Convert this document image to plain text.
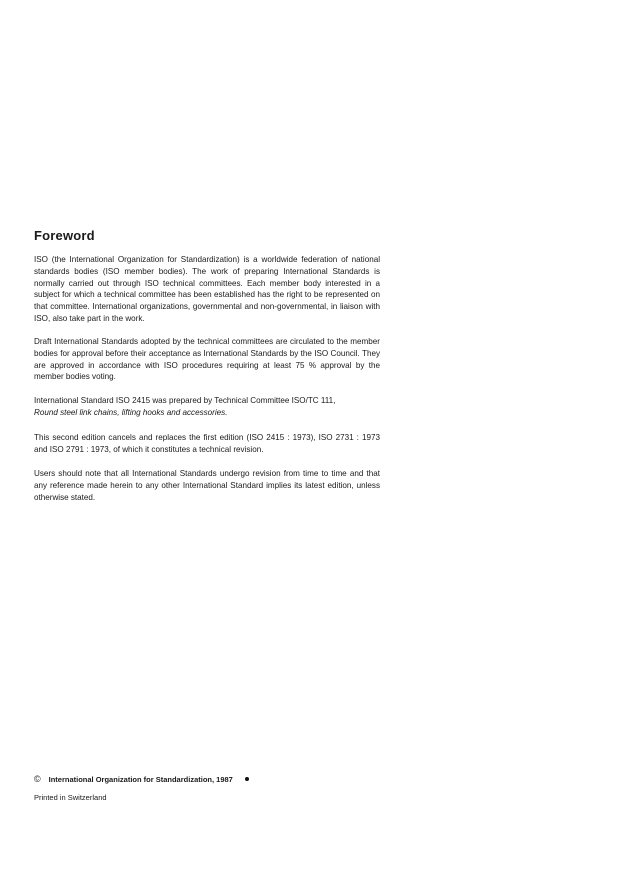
Foreword

ISO (the International Organization for Standardization) is a worldwide federation of national standards bodies (ISO member bodies). The work of preparing International Standards is normally carried out through ISO technical committees. Each member body interested in a subject for which a technical committee has been established has the right to be represented on that committee. International organizations, governmental and non-governmental, in liaison with ISO, also take part in the work.

Draft International Standards adopted by the technical committees are circulated to the member bodies for approval before their acceptance as International Standards by the ISO Council. They are approved in accordance with ISO procedures requiring at least 75 % approval by the member bodies voting.

International Standard ISO 2415 was prepared by Technical Committee ISO/TC 111,
Round steel link chains, lifting hooks and accessories.

This second edition cancels and replaces the first edition (ISO 2415 : 1973), ISO 2731 : 1973 and ISO 2791 : 1973, of which it constitutes a technical revision.

Users should note that all International Standards undergo revision from time to time and that any reference made herein to any other International Standard implies its latest edition, unless otherwise stated.

© International Organization for Standardization, 1987
Printed in Switzerland
